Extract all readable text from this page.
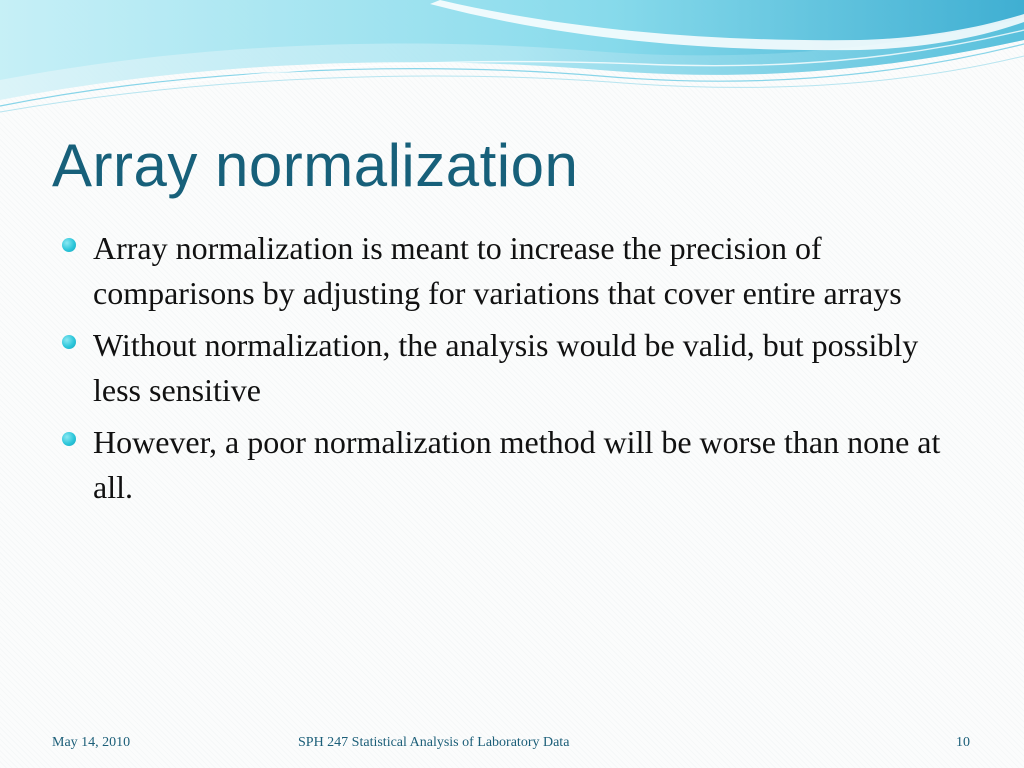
Array normalization
Array normalization is meant to increase the precision of comparisons by adjusting for variations that cover entire arrays
Without normalization, the analysis would be valid, but possibly less sensitive
However, a poor normalization method will be worse than none at all.
May 14, 2010	SPH 247 Statistical Analysis of Laboratory Data	10
